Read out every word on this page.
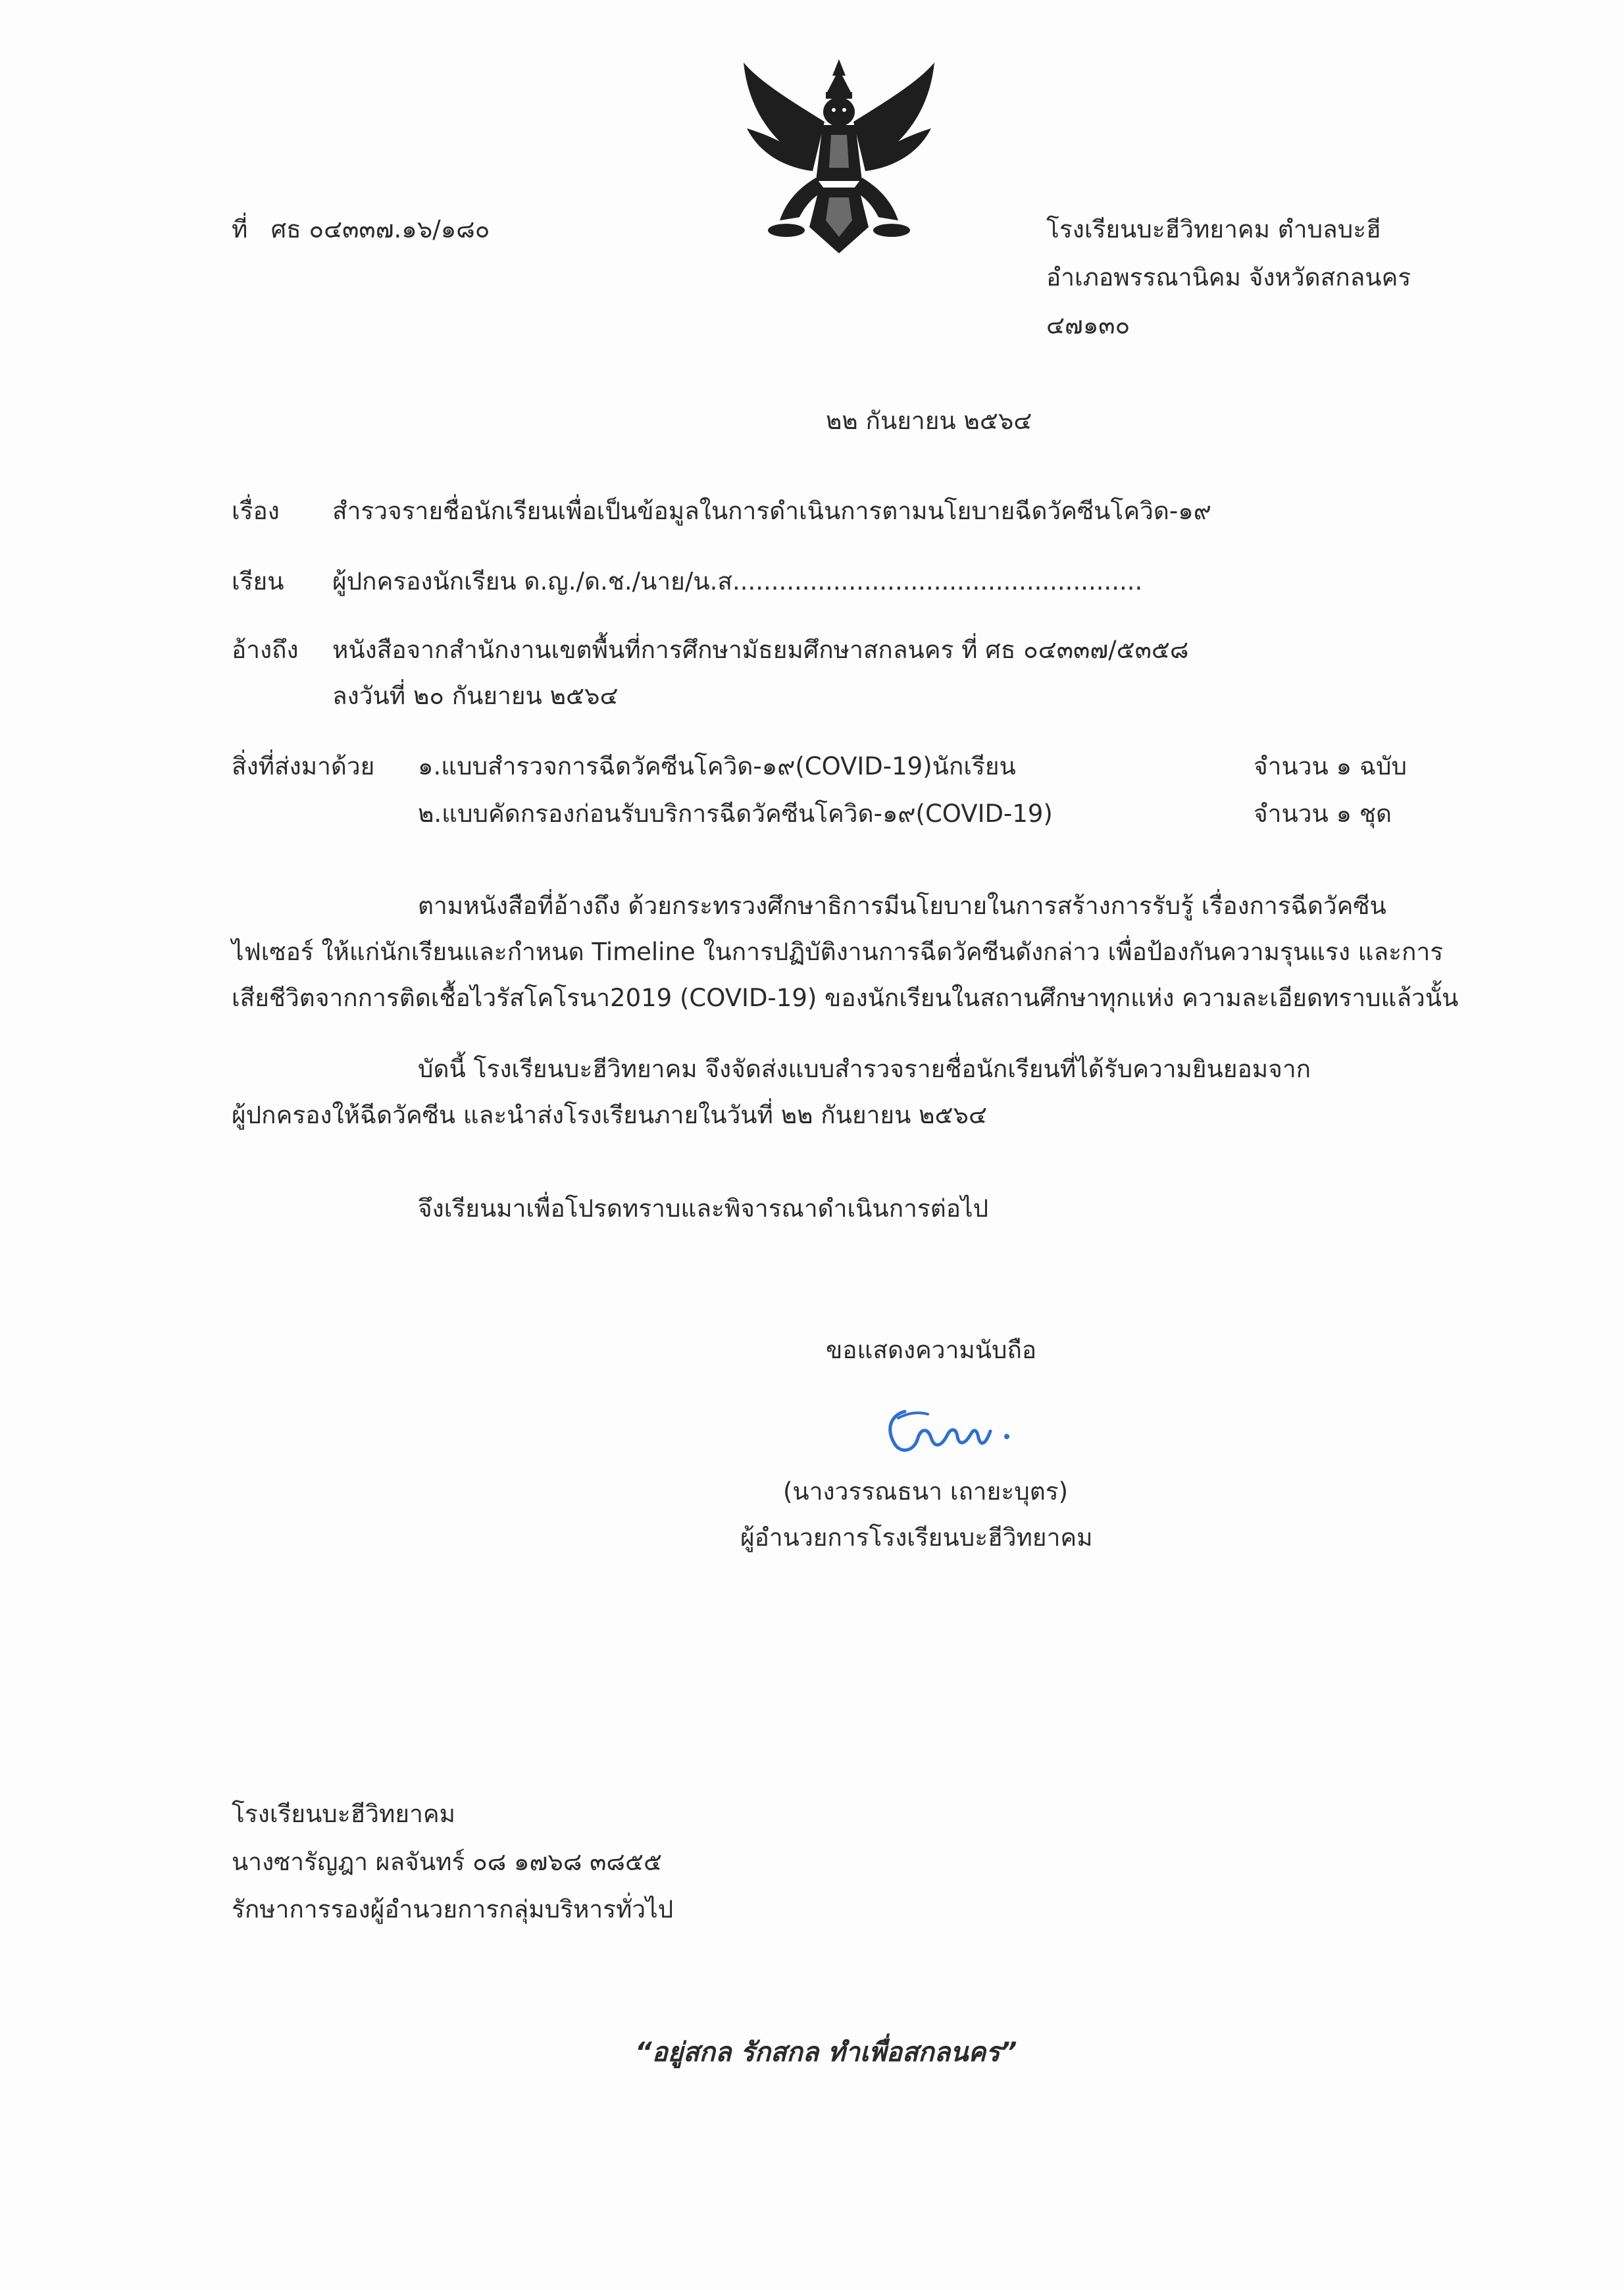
ที่ ศธ ๐๔๓๓๗.๑๖/๑๘๐	โรงเรียนบะฮีวิทยาคม ตำบลบะฮี
อำเภอพรรณานิคม จังหวัดสกลนคร
๔๗๑๓๐
๒๒ กันยายน ๒๕๖๔
เรื่อง สำรวจรายชื่อนักเรียนเพื่อเป็นข้อมูลในการดำเนินการตามนโยบายฉีดวัคซีนโควิด-๑๙
เรียน ผู้ปกครองนักเรียน ด.ญ./ด.ช./นาย/น.ส.....................................................
อ้างถึง หนังสือจากสำนักงานเขตพื้นที่การศึกษามัธยมศึกษาสกลนคร ที่ ศธ ๐๔๓๓๗/๕๓๕๘
ลงวันที่ ๒๐ กันยายน ๒๕๖๔
สิ่งที่ส่งมาด้วย ๑.แบบสำรวจการฉีดวัคซีนโควิด-๑๙(COVID-19)นักเรียน	จำนวน ๑ ฉบับ
๒.แบบคัดกรองก่อนรับบริการฉีดวัคซีนโควิด-๑๙(COVID-19)	จำนวน ๑ ชุด
ตามหนังสือที่อ้างถึง ด้วยกระทรวงศึกษาธิการมีนโยบายในการสร้างการรับรู้ เรื่องการฉีดวัคซีน
ไฟเซอร์ ให้แก่นักเรียนและกำหนด Timeline ในการปฏิบัติงานการฉีดวัคซีนดังกล่าว เพื่อป้องกันความรุนแรง และการ
เสียชีวิตจากการติดเชื้อไวรัสโคโรนา2019 (COVID-19) ของนักเรียนในสถานศึกษาทุกแห่ง ความละเอียดทราบแล้วนั้น
บัดนี้ โรงเรียนบะฮีวิทยาคม จึงจัดส่งแบบสำรวจรายชื่อนักเรียนที่ได้รับความยินยอมจาก
ผู้ปกครองให้ฉีดวัคซีน และนำส่งโรงเรียนภายในวันที่ ๒๒ กันยายน ๒๕๖๔
จึงเรียนมาเพื่อโปรดทราบและพิจารณาดำเนินการต่อไป
ขอแสดงความนับถือ
(นางวรรณธนา เถายะบุตร)
ผู้อำนวยการโรงเรียนบะฮีวิทยาคม
โรงเรียนบะฮีวิทยาคม
นางซารัญฎา ผลจันทร์ ๐๘ ๑๗๖๘ ๓๘๕๕
รักษาการรองผู้อำนวยการกลุ่มบริหารทั่วไป
“อยู่สกล รักสกล ทำเพื่อสกลนคร”
